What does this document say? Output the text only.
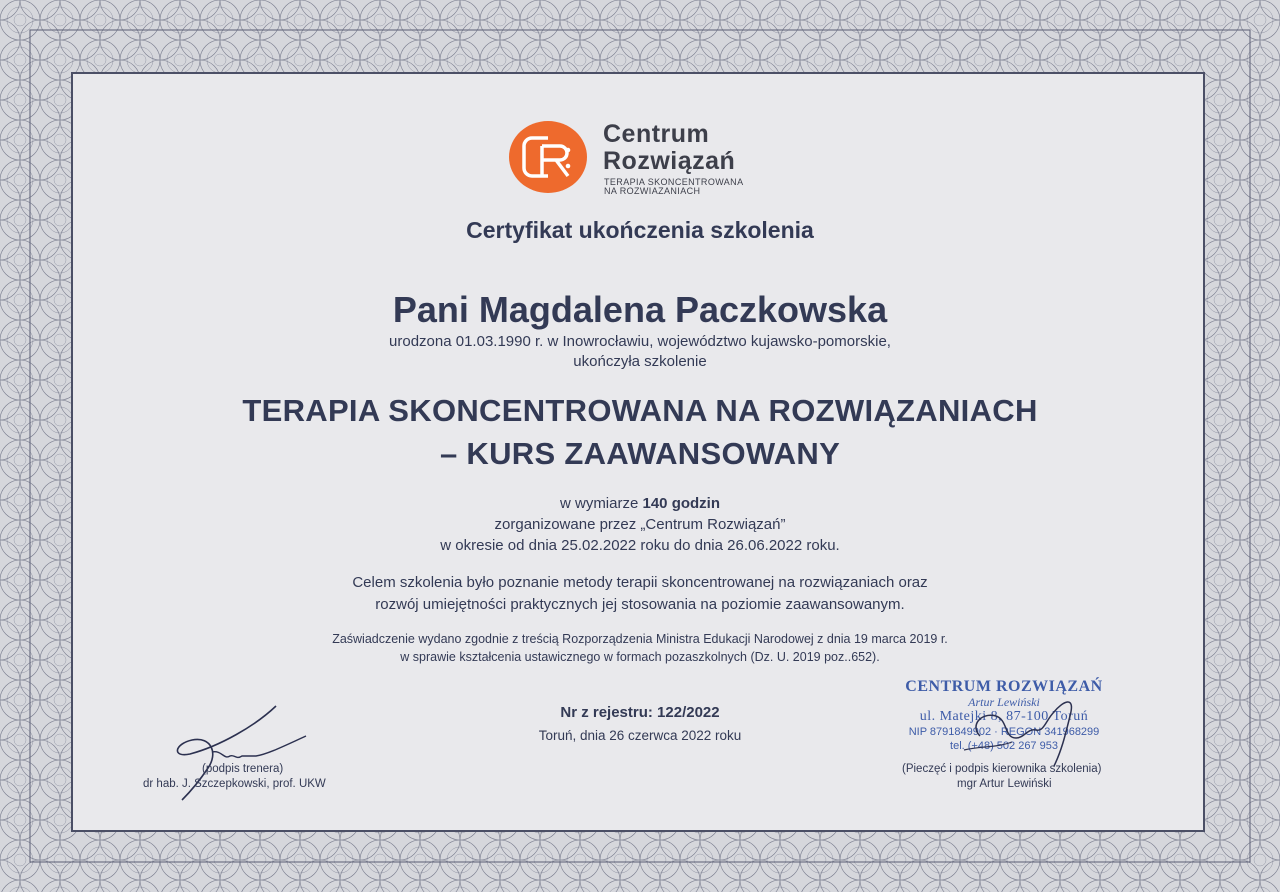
Centrum
Rozwiązań
TERAPIA SKONCENTROWANA
NA ROZWIAZANIACH
Certyfikat ukończenia szkolenia
Pani Magdalena Paczkowska
urodzona 01.03.1990 r. w Inowrocławiu, województwo kujawsko-pomorskie,
ukończyła szkolenie
TERAPIA SKONCENTROWANA NA ROZWIĄZANIACH
– KURS ZAAWANSOWANY
w wymiarze 140 godzin
zorganizowane przez „Centrum Rozwiązań”
w okresie od dnia 25.02.2022 roku do dnia 26.06.2022 roku.
Celem szkolenia było poznanie metody terapii skoncentrowanej na rozwiązaniach oraz
rozwój umiejętności praktycznych jej stosowania na poziomie zaawansowanym.
Zaświadczenie wydano zgodnie z treścią Rozporządzenia Ministra Edukacji Narodowej z dnia 19 marca 2019 r.
w sprawie kształcenia ustawicznego w formach pozaszkolnych (Dz. U. 2019 poz..652).
Nr z rejestru: 122/2022
Toruń, dnia 26 czerwca 2022 roku
(podpis trenera)
dr hab. J. Szczepkowski, prof. UKW
CENTRUM ROZWIĄZAŃ
Artur Lewiński
ul. Matejki 8, 87-100 Toruń
NIP 8791849902 · REGON 341968299
tel. (+48) 502 267 953
(Pieczęć i podpis kierownika szkolenia)
mgr Artur Lewiński
